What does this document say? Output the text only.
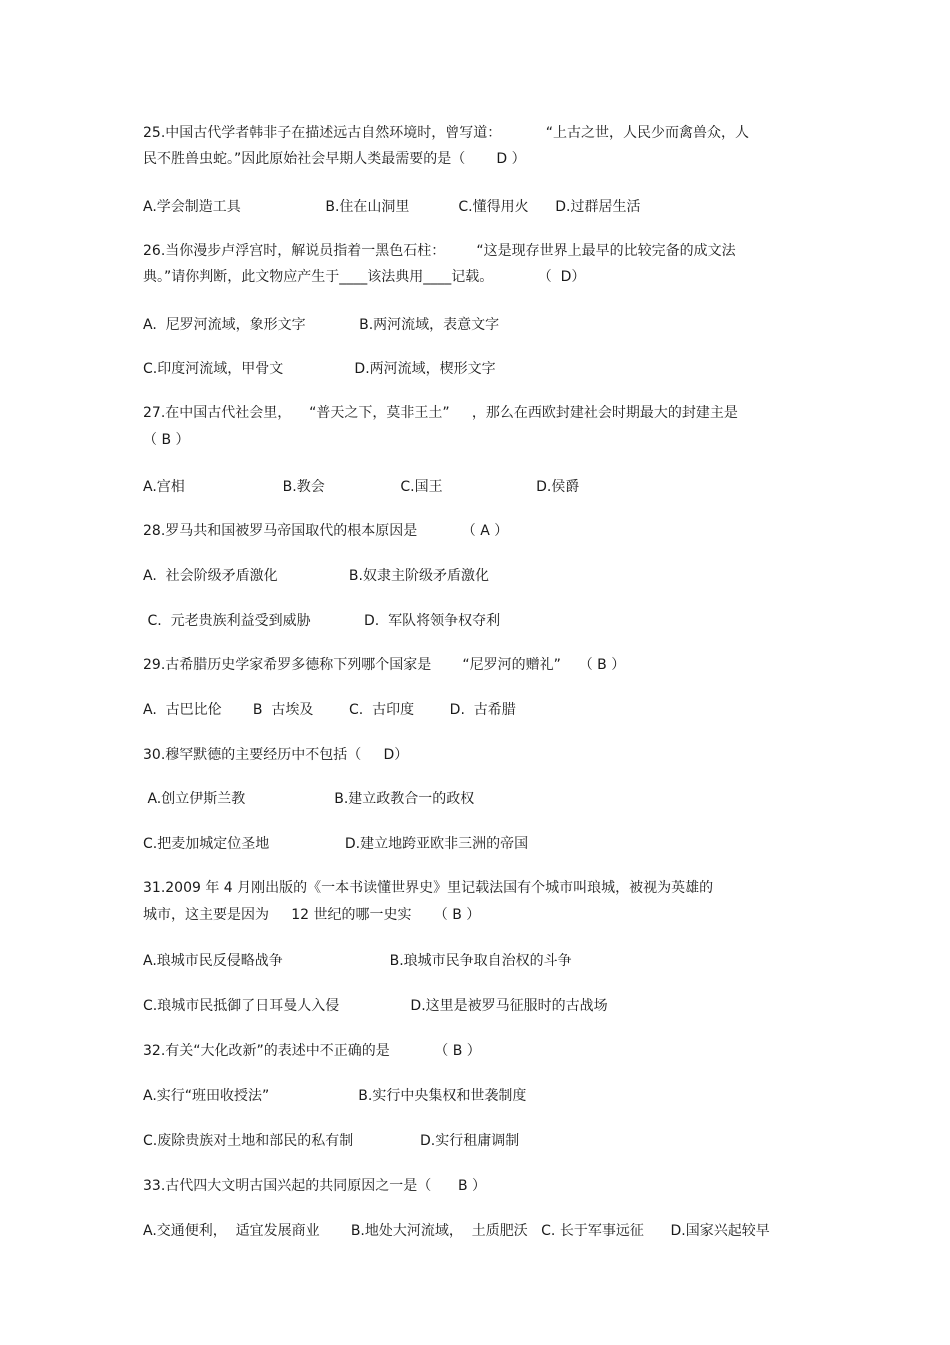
25.中国古代学者韩非子在描述远古自然环境时，曾写道：          “上古之世，人民少而禽兽众，人
民不胜兽虫蛇。”因此原始社会早期人类最需要的是（       D ）
A.学会制造工具                   B.住在山洞里           C.懂得用火      D.过群居生活
26.当你漫步卢浮宫时，解说员指着一黑色石柱：       “这是现存世界上最早的比较完备的成文法
典。”请你判断，此文物应产生于____该法典用____记载。          （  D）
A.  尼罗河流域，象形文字            B.两河流域，表意文字
C.印度河流域，甲骨文                D.两河流域，楔形文字
27.在中国古代社会里，    “普天之下，莫非王土”     ，那么在西欧封建社会时期最大的封建主是
（ B ）
A.宫相                      B.教会                 C.国王                     D.侯爵
28.罗马共和国被罗马帝国取代的根本原因是          （ A ）
A.  社会阶级矛盾激化                B.奴隶主阶级矛盾激化
C.  元老贵族利益受到威胁            D.  军队将领争权夺利
29.古希腊历史学家希罗多德称下列哪个国家是       “尼罗河的赠礼”    （ B ）
A.  古巴比伦       B  古埃及        C.  古印度        D.  古希腊
30.穆罕默德的主要经历中不包括（     D）
A.创立伊斯兰教                    B.建立政教合一的政权
C.把麦加城定位圣地                 D.建立地跨亚欧非三洲的帝国
31.2009 年 4 月刚出版的《一本书读懂世界史》里记载法国有个城市叫琅城，被视为英雄的
城市，这主要是因为     12 世纪的哪一史实     （ B ）
A.琅城市民反侵略战争                        B.琅城市民争取自治权的斗争
C.琅城市民抵御了日耳曼人入侵                D.这里是被罗马征服时的古战场
32.有关“大化改新”的表述中不正确的是          （ B ）
A.实行“班田收授法”                    B.实行中央集权和世袭制度
C.废除贵族对土地和部民的私有制               D.实行租庸调制
33.古代四大文明古国兴起的共同原因之一是（      B ）
A.交通便利，  适宜发展商业       B.地处大河流域，  土质肥沃   C. 长于军事远征      D.国家兴起较早
